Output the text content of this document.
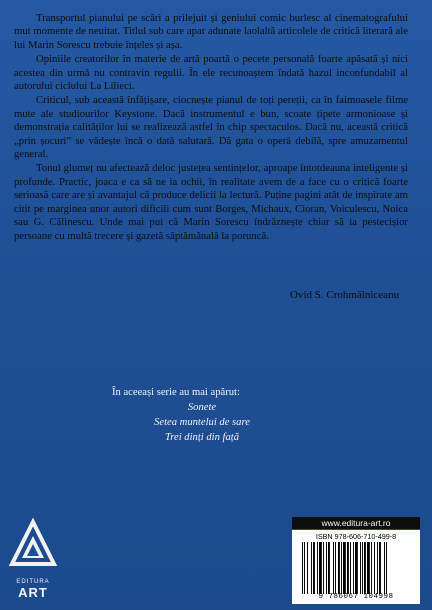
Transportul pianului pe scări a prilejuit și geniului comic burlesc al cinematografului mut momente de neuitat. Titlul sub care apar adunate laolaltă articolele de critică literară ale lui Marin Sorescu trebuie înțeles și așa.

Opiniile creatorilor în materie de artă poartă o pecete personală foarte apăsată și nici acestea din urmă nu contravin regulii. În ele recunoaștem îndată hazul inconfundabil al autorului ciclului La Lilieci.

Criticul, sub această înfățișare, ciocnește pianul de toți pereții, ca în faimoasele filme mute ale studiourilor Keystone. Dacă instrumentul e bun, scoate țipete armonioase și demonstrația calităților lui se realizează astfel în chip spectaculos. Dacă nu, această critică „prin șocuri” se vădește încă o dată salutară. Dă gata o operă debilă, spre amuzamentul general.

Tonul glumeț nu afectează deloc justețea sentințelor, aproape întotdeauna inteligente și profunde. Practic, joaca e ca să ne ia ochii, în realitate avem de a face cu o critică foarte serioasă care are și avantajul că produce delicii la lectură. Puține pagini atât de inspirate am citit pe marginea unor autori dificili cum sunt Borges, Michaux, Cioran, Voiculescu, Noica sau G. Călinescu. Unde mai pui că Marin Sorescu îndrăznește chiar să ia pestecișior persoane cu multă trecere și gazetă săptămânală la poruncă.

Ovid S. Crohmălniceanu
În aceeași serie au mai apărut:
Sonete
Setea muntelui de sare
Trei dinți din față
EDITURA
ART
www.editura-art.ro
ISBN 978-606-710-499-8
9 786067 104998
